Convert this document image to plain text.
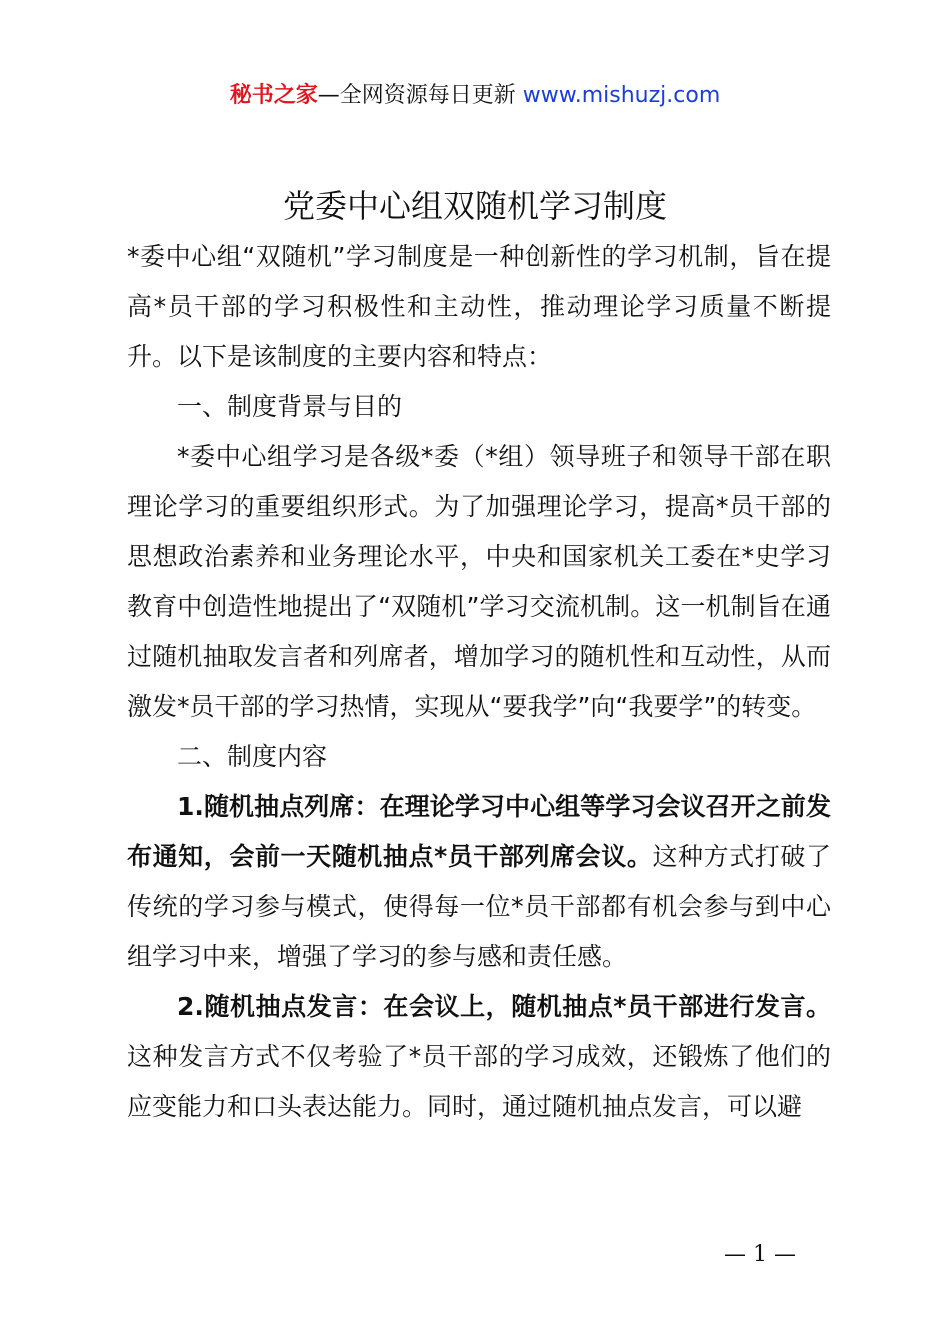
秘书之家—全网资源每日更新 www.mishuzj.com
党委中心组双随机学习制度

*委中心组“双随机”学习制度是一种创新性的学习机制，旨在提高*员干部的学习积极性和主动性，推动理论学习质量不断提升。以下是该制度的主要内容和特点：

一、制度背景与目的

*委中心组学习是各级*委（*组）领导班子和领导干部在职理论学习的重要组织形式。为了加强理论学习，提高*员干部的思想政治素养和业务理论水平，中央和国家机关工委在*史学习教育中创造性地提出了“双随机”学习交流机制。这一机制旨在通过随机抽取发言者和列席者，增加学习的随机性和互动性，从而激发*员干部的学习热情，实现从“要我学”向“我要学”的转变。

二、制度内容

1.随机抽点列席：在理论学习中心组等学习会议召开之前发布通知，会前一天随机抽点*员干部列席会议。这种方式打破了传统的学习参与模式，使得每一位*员干部都有机会参与到中心组学习中来，增强了学习的参与感和责任感。

2.随机抽点发言：在会议上，随机抽点*员干部进行发言。这种发言方式不仅考验了*员干部的学习成效，还锻炼了他们的应变能力和口头表达能力。同时，通过随机抽点发言，可以避

— 1 —
